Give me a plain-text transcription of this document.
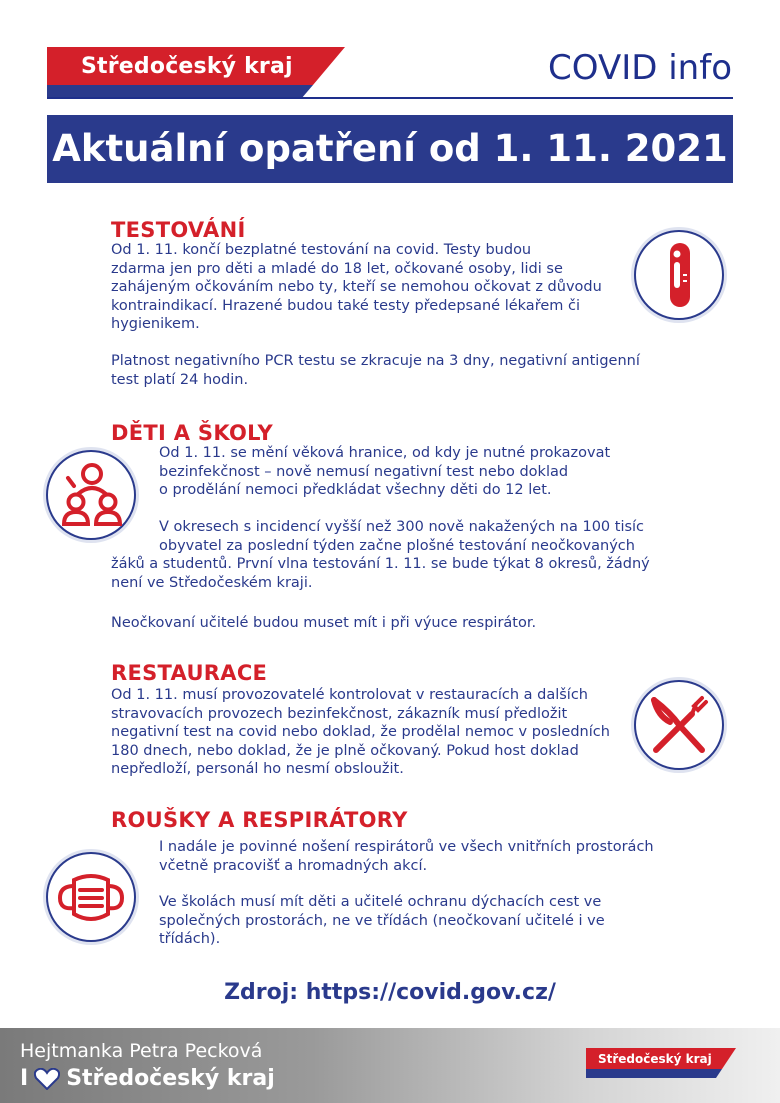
Středočeský kraj	COVID info
Aktuální opatření od 1. 11. 2021
TESTOVÁNÍ
Od 1. 11. končí bezplatné testování na covid. Testy budou
zdarma jen pro děti a mladé do 18 let, očkované osoby, lidi se
zahájeným očkováním nebo ty, kteří se nemohou očkovat z důvodu
kontraindikací. Hrazené budou také testy předepsané lékařem či
hygienikem.
Platnost negativního PCR testu se zkracuje na 3 dny, negativní antigenní
test platí 24 hodin.
DĚTI A ŠKOLY
Od 1. 11. se mění věková hranice, od kdy je nutné prokazovat
bezinfekčnost – nově nemusí negativní test nebo doklad
o prodělání nemoci předkládat všechny děti do 12 let.
V okresech s incidencí vyšší než 300 nově nakažených na 100 tisíc
obyvatel za poslední týden začne plošné testování neočkovaných
žáků a studentů. První vlna testování 1. 11. se bude týkat 8 okresů, žádný
není ve Středočeském kraji.
Neočkovaní učitelé budou muset mít i při výuce respirátor.
RESTAURACE
Od 1. 11. musí provozovatelé kontrolovat v restauracích a dalších
stravovacích provozech bezinfekčnost, zákazník musí předložit
negativní test na covid nebo doklad, že prodělal nemoc v posledních
180 dnech, nebo doklad, že je plně očkovaný. Pokud host doklad
nepředloží, personál ho nesmí obsloužit.
ROUŠKY A RESPIRÁTORY
I nadále je povinné nošení respirátorů ve všech vnitřních prostorách
včetně pracovišť a hromadných akcí.
Ve školách musí mít děti a učitelé ochranu dýchacích cest ve
společných prostorách, ne ve třídách (neočkovaní učitelé i ve
třídách).
Zdroj: https://covid.gov.cz/
Hejtmanka Petra Pecková
I Středočeský kraj
Středočeský kraj
